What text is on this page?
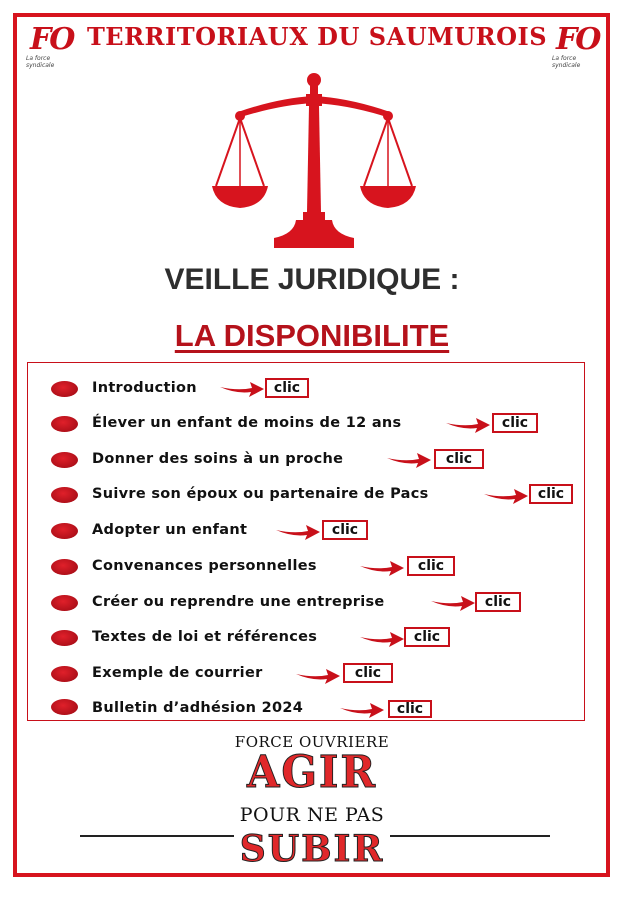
FO
La force syndicale
TERRITORIAUX DU SAUMUROIS FO
La force syndicale
VEILLE JURIDIQUE :
LA DISPONIBILITE
Introduction	clic
Élever un enfant de moins de 12 ans	clic
Donner des soins à un proche	clic
Suivre son époux ou partenaire de Pacs	clic
Adopter un enfant	clic
Convenances personnelles	clic
Créer ou reprendre une entreprise	clic
Textes de loi et références	clic
Exemple de courrier	clic
Bulletin d’adhésion 2024	clic
FORCE OUVRIERE
AGIR
POUR NE PAS
SUBIR
